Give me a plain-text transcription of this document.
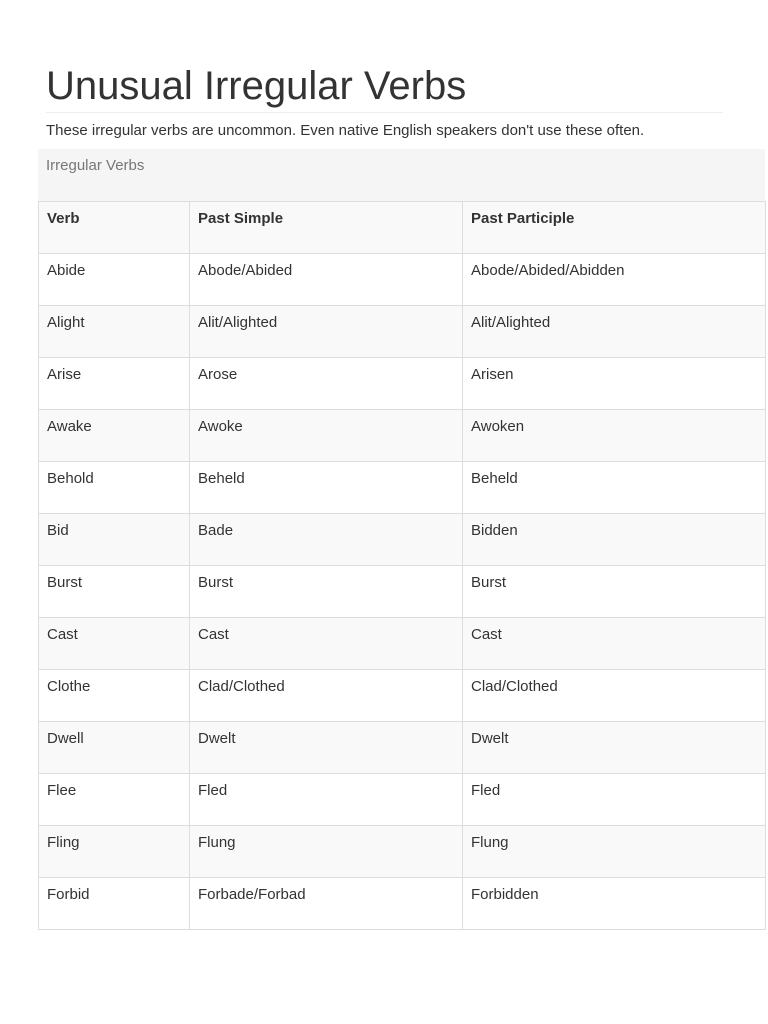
Unusual Irregular Verbs

These irregular verbs are uncommon. Even native English speakers don't use these often.

Irregular Verbs
Verb	Past Simple	Past Participle
Abide	Abode/Abided	Abode/Abided/Abidden
Alight	Alit/Alighted	Alit/Alighted
Arise	Arose	Arisen
Awake	Awoke	Awoken
Behold	Beheld	Beheld
Bid	Bade	Bidden
Burst	Burst	Burst
Cast	Cast	Cast
Clothe	Clad/Clothed	Clad/Clothed
Dwell	Dwelt	Dwelt
Flee	Fled	Fled
Fling	Flung	Flung
Forbid	Forbade/Forbad	Forbidden
